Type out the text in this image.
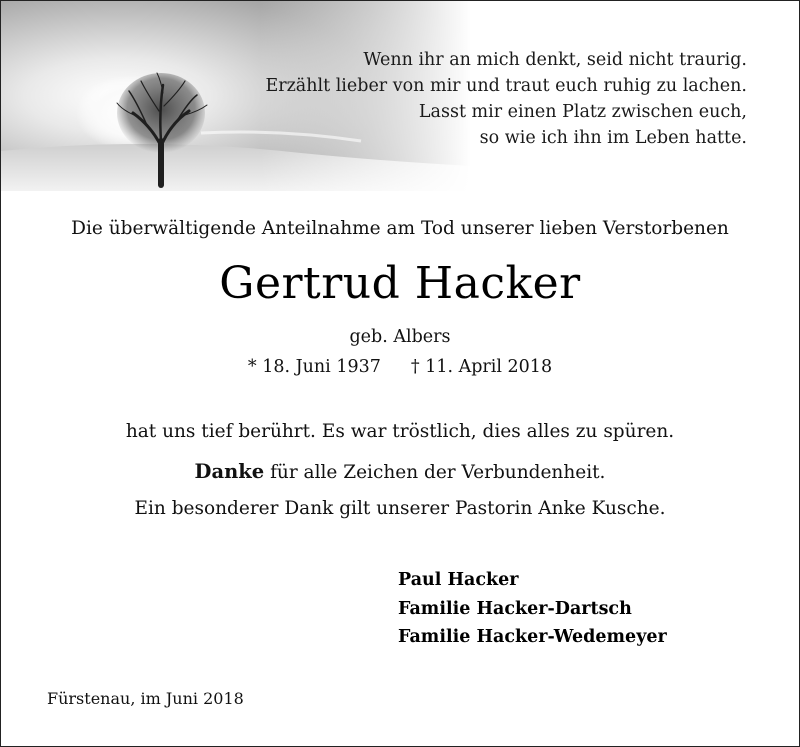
Wenn ihr an mich denkt, seid nicht traurig.
Erzählt lieber von mir und traut euch ruhig zu lachen.
Lasst mir einen Platz zwischen euch,
so wie ich ihn im Leben hatte.
Die überwältigende Anteilnahme am Tod unserer lieben Verstorbenen
Gertrud Hacker
geb. Albers
* 18. Juni 1937 † 11. April 2018
hat uns tief berührt. Es war tröstlich, dies alles zu spüren.
Danke für alle Zeichen der Verbundenheit.
Ein besonderer Dank gilt unserer Pastorin Anke Kusche.
Paul Hacker
Familie Hacker-Dartsch
Familie Hacker-Wedemeyer
Fürstenau, im Juni 2018
